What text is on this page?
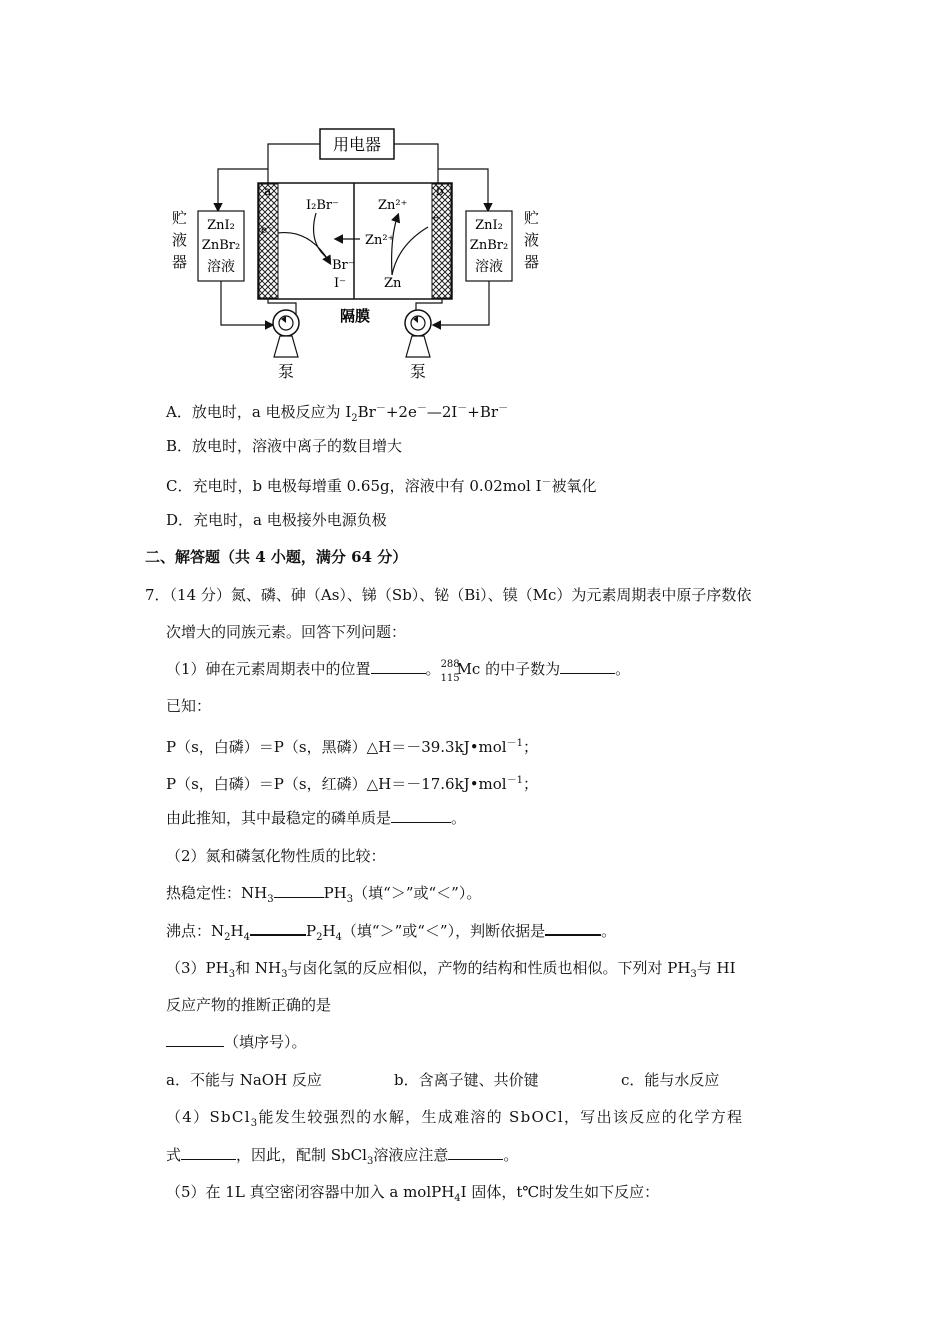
用电器
a	b
e⁻
e⁻
I₂Br⁻
Br⁻
I⁻
Zn²⁺
Zn²⁺
Zn
ZnI₂
ZnBr₂
溶液
ZnI₂
ZnBr₂
溶液
贮液器
贮液器
隔膜
泵	泵
A．放电时，a 电极反应为 $I_2Br^-+2e^-—2I^-+Br^-$
B．放电时，溶液中离子的数目增大
C．充电时，b 电极每增重 0.65g，溶液中有 0.02mol I－被氧化
D．充电时，a 电极接外电源负极
二、解答题（共 4 小题，满分 64 分）
7．（14 分）氮、磷、砷（As）、锑（Sb）、铋（Bi）、镆（Mc）为元素周期表中原子序数依
次增大的同族元素。回答下列问题：
（1）砷在元素周期表中的位置	。 288
115
Mc 的中子数为	。
已知：
P（s，白磷）＝P（s，黑磷）△H＝－39.3kJ•mol$^{-1}$；
P（s，白磷）＝P（s，红磷）△H＝－17.6kJ•mol$^{-1}$；
由此推知，其中最稳定的磷单质是	。
（2）氮和磷氢化物性质的比较：
热稳定性：$NH_3$	$PH_3$（填“＞”或“＜”）。
沸点：$N_2H_4$	$P_2H_4$（填“＞”或“＜”），判断依据是	。
$(3)PH_3$和 $NH_3$与卤化氢的反应相似，产物的结构和性质也相似。下列对 $PH_3$与 HI
反应产物的推断正确的是
（填序号）。
a．不能与 NaOH 反应	b．含离子键、共价键	c．能与水反应
（4）SbCl$_3$能发生较强烈的水解，生成难溶的 SbOCl，写出该反应的化学方程
式	，因此，配制 SbCl$_3$溶液应注意	。
（5）在 1L 真空密闭容器中加入 a molPH$_4$I 固体，t℃时发生如下反应：
